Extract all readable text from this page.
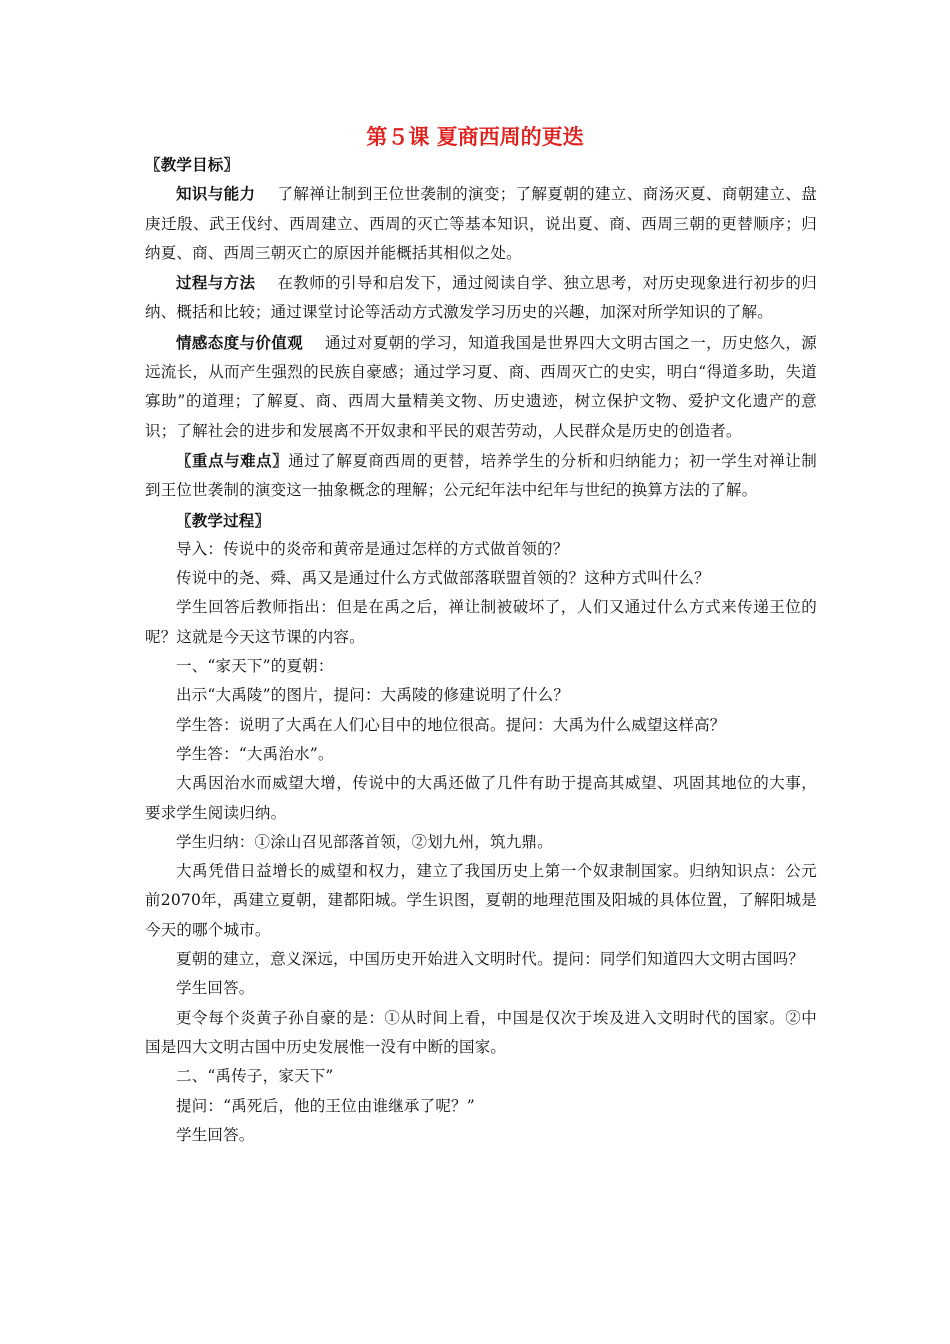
第５课 夏商西周的更迭

〖教学目标〗

知识与能力 了解禅让制到王位世袭制的演变；了解夏朝的建立、商汤灭夏、商朝建立、盘庚迁殷、武王伐纣、西周建立、西周的灭亡等基本知识，说出夏、商、西周三朝的更替顺序；归纳夏、商、西周三朝灭亡的原因并能概括其相似之处。

过程与方法 在教师的引导和启发下，通过阅读自学、独立思考，对历史现象进行初步的归纳、概括和比较；通过课堂讨论等活动方式激发学习历史的兴趣，加深对所学知识的了解。

情感态度与价值观 通过对夏朝的学习，知道我国是世界四大文明古国之一，历史悠久，源远流长，从而产生强烈的民族自豪感；通过学习夏、商、西周灭亡的史实，明白“得道多助，失道寡助”的道理；了解夏、商、西周大量精美文物、历史遗迹，树立保护文物、爱护文化遗产的意识；了解社会的进步和发展离不开奴隶和平民的艰苦劳动，人民群众是历史的创造者。

〖重点与难点〗通过了解夏商西周的更替，培养学生的分析和归纳能力；初一学生对禅让制到王位世袭制的演变这一抽象概念的理解；公元纪年法中纪年与世纪的换算方法的了解。

〖教学过程〗

导入：传说中的炎帝和黄帝是通过怎样的方式做首领的？

传说中的尧、舜、禹又是通过什么方式做部落联盟首领的？这种方式叫什么？

学生回答后教师指出：但是在禹之后，禅让制被破坏了，人们又通过什么方式来传递王位的呢？这就是今天这节课的内容。

一、“家天下”的夏朝：

出示“大禹陵”的图片，提问：大禹陵的修建说明了什么？

学生答：说明了大禹在人们心目中的地位很高。提问：大禹为什么威望这样高？

学生答：“大禹治水”。

大禹因治水而威望大增，传说中的大禹还做了几件有助于提高其威望、巩固其地位的大事，要求学生阅读归纳。

学生归纳：①涂山召见部落首领，②划九州，筑九鼎。

大禹凭借日益增长的威望和权力，建立了我国历史上第一个奴隶制国家。归纳知识点：公元前2070年，禹建立夏朝，建都阳城。学生识图，夏朝的地理范围及阳城的具体位置，了解阳城是今天的哪个城市。

夏朝的建立，意义深远，中国历史开始进入文明时代。提问：同学们知道四大文明古国吗？

学生回答。

更令每个炎黄子孙自豪的是：①从时间上看，中国是仅次于埃及进入文明时代的国家。②中国是四大文明古国中历史发展惟一没有中断的国家。

二、“禹传子，家天下”

提问：“禹死后，他的王位由谁继承了呢？”

学生回答。
